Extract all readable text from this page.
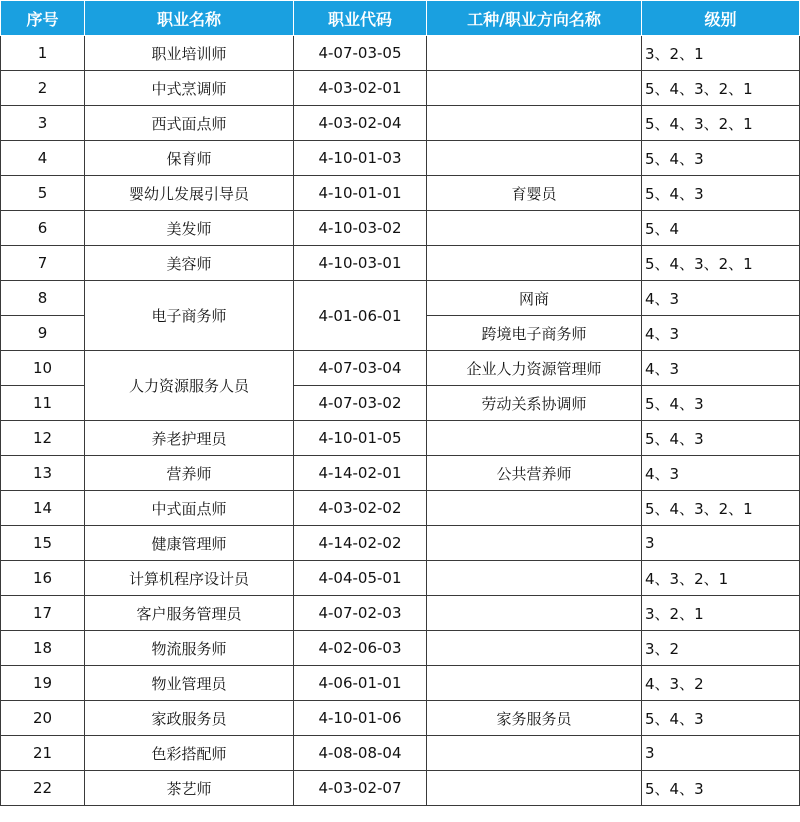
序号	职业名称	职业代码	工种/职业方向名称	级别
1	职业培训师	4-07-03-05		3、2、1
2	中式烹调师	4-03-02-01		5、4、3、2、1
3	西式面点师	4-03-02-04		5、4、3、2、1
4	保育师	4-10-01-03		5、4、3
5	婴幼儿发展引导员	4-10-01-01	育婴员	5、4、3
6	美发师	4-10-03-02		5、4
7	美容师	4-10-03-01		5、4、3、2、1
8	电子商务师	4-01-06-01	网商	4、3
9			跨境电子商务师	4、3
10	人力资源服务人员	4-07-03-04	企业人力资源管理师	4、3
11		4-07-03-02	劳动关系协调师	5、4、3
12	养老护理员	4-10-01-05		5、4、3
13	营养师	4-14-02-01	公共营养师	4、3
14	中式面点师	4-03-02-02		5、4、3、2、1
15	健康管理师	4-14-02-02		3
16	计算机程序设计员	4-04-05-01		4、3、2、1
17	客户服务管理员	4-07-02-03		3、2、1
18	物流服务师	4-02-06-03		3、2
19	物业管理员	4-06-01-01		4、3、2
20	家政服务员	4-10-01-06	家务服务员	5、4、3
21	色彩搭配师	4-08-08-04		3
22	茶艺师	4-03-02-07		5、4、3
